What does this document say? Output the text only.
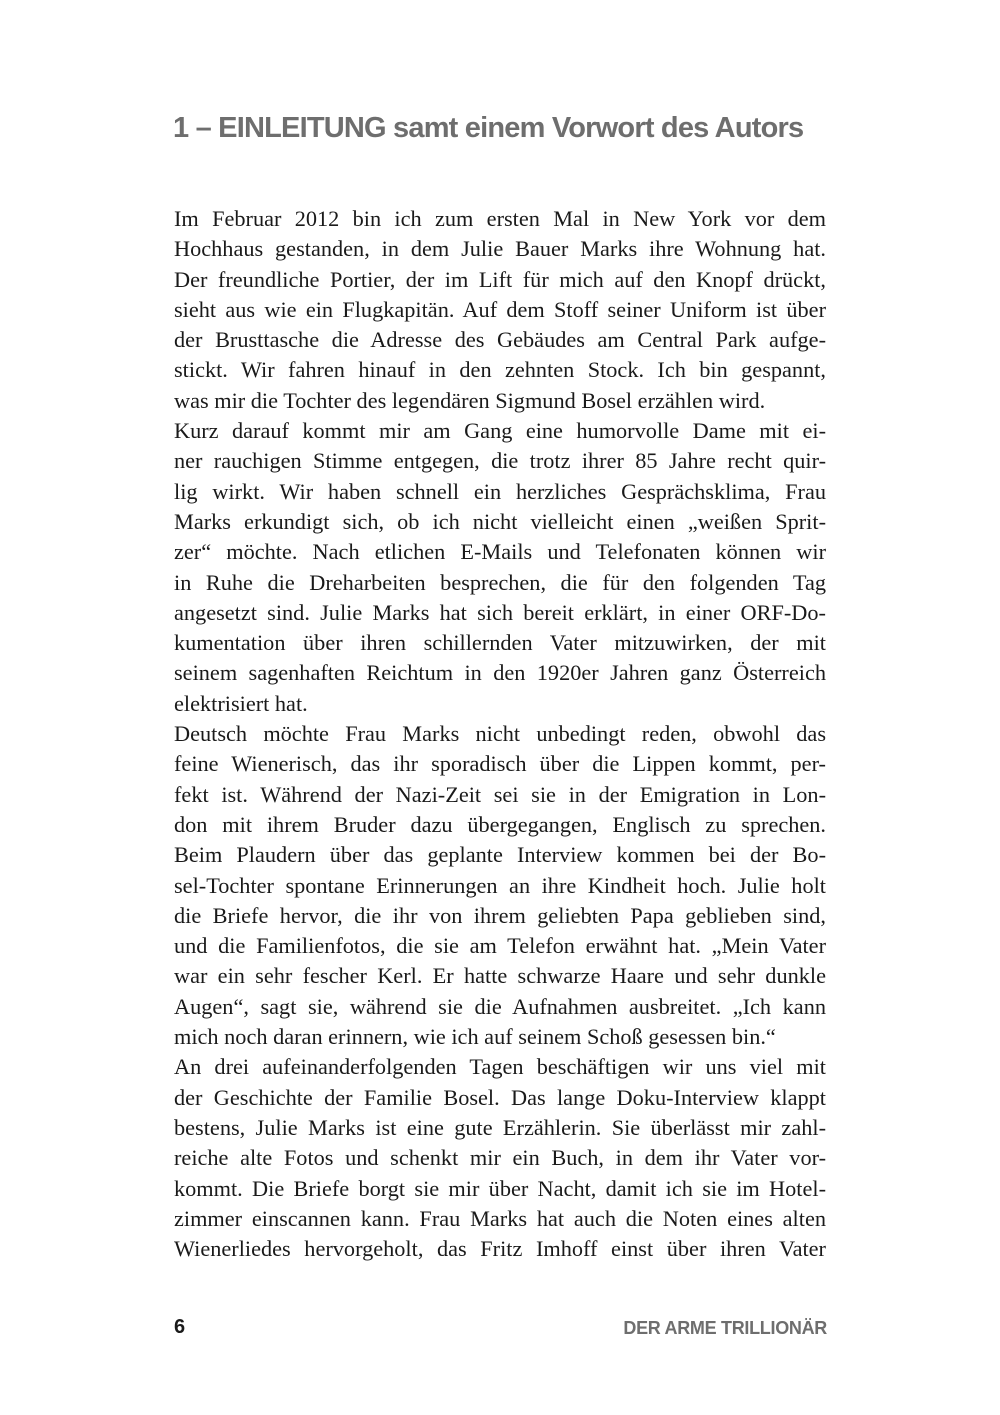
1 – EINLEITUNG samt einem Vorwort des Autors
Im Februar 2012 bin ich zum ersten Mal in New York vor dem
Hochhaus gestanden, in dem Julie Bauer Marks ihre Wohnung hat.
Der freundliche Portier, der im Lift für mich auf den Knopf drückt,
sieht aus wie ein Flugkapitän. Auf dem Stoff seiner Uniform ist über
der Brusttasche die Adresse des Gebäudes am Central Park aufge-
stickt. Wir fahren hinauf in den zehnten Stock. Ich bin gespannt,
was mir die Tochter des legendären Sigmund Bosel erzählen wird.
Kurz darauf kommt mir am Gang eine humorvolle Dame mit ei-
ner rauchigen Stimme entgegen, die trotz ihrer 85 Jahre recht quir-
lig wirkt. Wir haben schnell ein herzliches Gesprächsklima, Frau
Marks erkundigt sich, ob ich nicht vielleicht einen „weißen Sprit-
zer“ möchte. Nach etlichen E-Mails und Telefonaten können wir
in Ruhe die Dreharbeiten besprechen, die für den folgenden Tag
angesetzt sind. Julie Marks hat sich bereit erklärt, in einer ORF-Do-
kumentation über ihren schillernden Vater mitzuwirken, der mit
seinem sagenhaften Reichtum in den 1920er Jahren ganz Österreich
elektrisiert hat.
Deutsch möchte Frau Marks nicht unbedingt reden, obwohl das
feine Wienerisch, das ihr sporadisch über die Lippen kommt, per-
fekt ist. Während der Nazi-Zeit sei sie in der Emigration in Lon-
don mit ihrem Bruder dazu übergegangen, Englisch zu sprechen.
Beim Plaudern über das geplante Interview kommen bei der Bo-
sel-Tochter spontane Erinnerungen an ihre Kindheit hoch. Julie holt
die Briefe hervor, die ihr von ihrem geliebten Papa geblieben sind,
und die Familienfotos, die sie am Telefon erwähnt hat. „Mein Vater
war ein sehr fescher Kerl. Er hatte schwarze Haare und sehr dunkle
Augen“, sagt sie, während sie die Aufnahmen ausbreitet. „Ich kann
mich noch daran erinnern, wie ich auf seinem Schoß gesessen bin.“
An drei aufeinanderfolgenden Tagen beschäftigen wir uns viel mit
der Geschichte der Familie Bosel. Das lange Doku-Interview klappt
bestens, Julie Marks ist eine gute Erzählerin. Sie überlässt mir zahl-
reiche alte Fotos und schenkt mir ein Buch, in dem ihr Vater vor-
kommt. Die Briefe borgt sie mir über Nacht, damit ich sie im Hotel-
zimmer einscannen kann. Frau Marks hat auch die Noten eines alten
Wienerliedes hervorgeholt, das Fritz Imhoff einst über ihren Vater
6	DER ARME TRILLIONÄR
